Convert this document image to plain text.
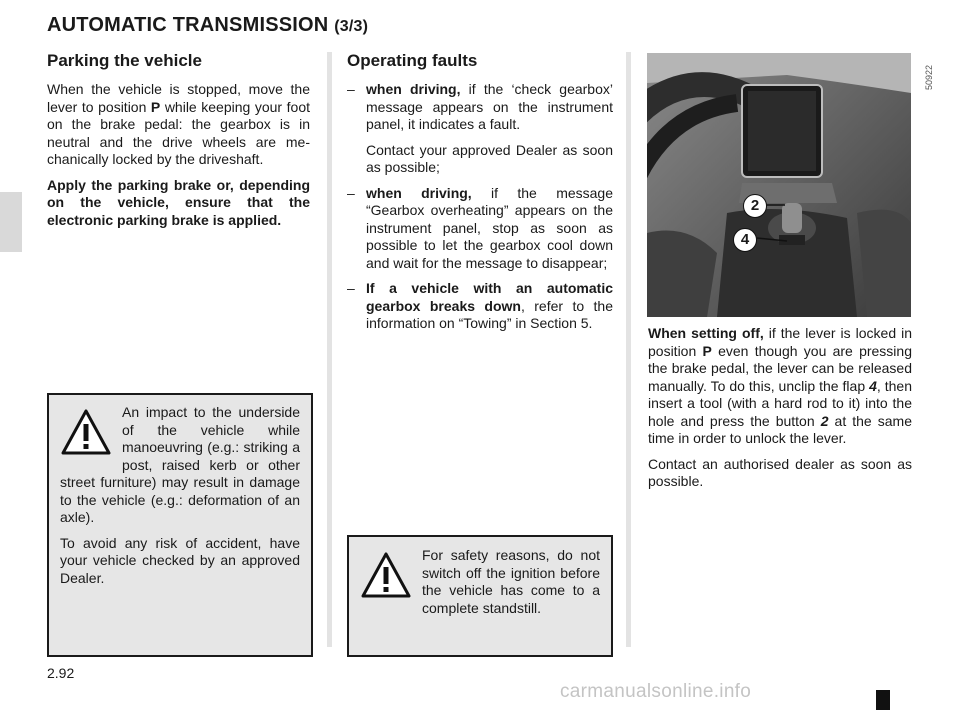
AUTOMATIC TRANSMISSION (3/3)
Parking the vehicle

When the vehicle is stopped, move the lever to position P while keeping your foot on the brake pedal: the gearbox is in neutral and the drive wheels are mechanically locked by the driveshaft.

Apply the parking brake or, depending on the vehicle, ensure that the electronic parking brake is applied.

An impact to the underside of the vehicle while manoeuvring (e.g.: striking a post, raised kerb or other street furniture) may result in damage to the vehicle (e.g.: deformation of an axle).

To avoid any risk of accident, have your vehicle checked by an approved Dealer.

Operating faults
– when driving, if the ‘check gearbox’ message appears on the instrument panel, it indicates a fault.

Contact your approved Dealer as soon as possible;

– when driving, if the message “Gearbox overheating” appears on the instrument panel, stop as soon as possible to let the gearbox cool down and wait for the message to disappear;
– If a vehicle with an automatic gearbox breaks down, refer to the information on “Towing” in Section 5.

For safety reasons, do not switch off the ignition before the vehicle has come to a complete standstill.

2
4
50922

When setting off, if the lever is locked in position P even though you are pressing the brake pedal, the lever can be released manually. To do this, unclip the flap 4, then insert a tool (with a hard rod to it) into the hole and press the button 2 at the same time in order to unlock the lever.

Contact an authorised dealer as soon as possible.

2.92
carmanualsonline.info
